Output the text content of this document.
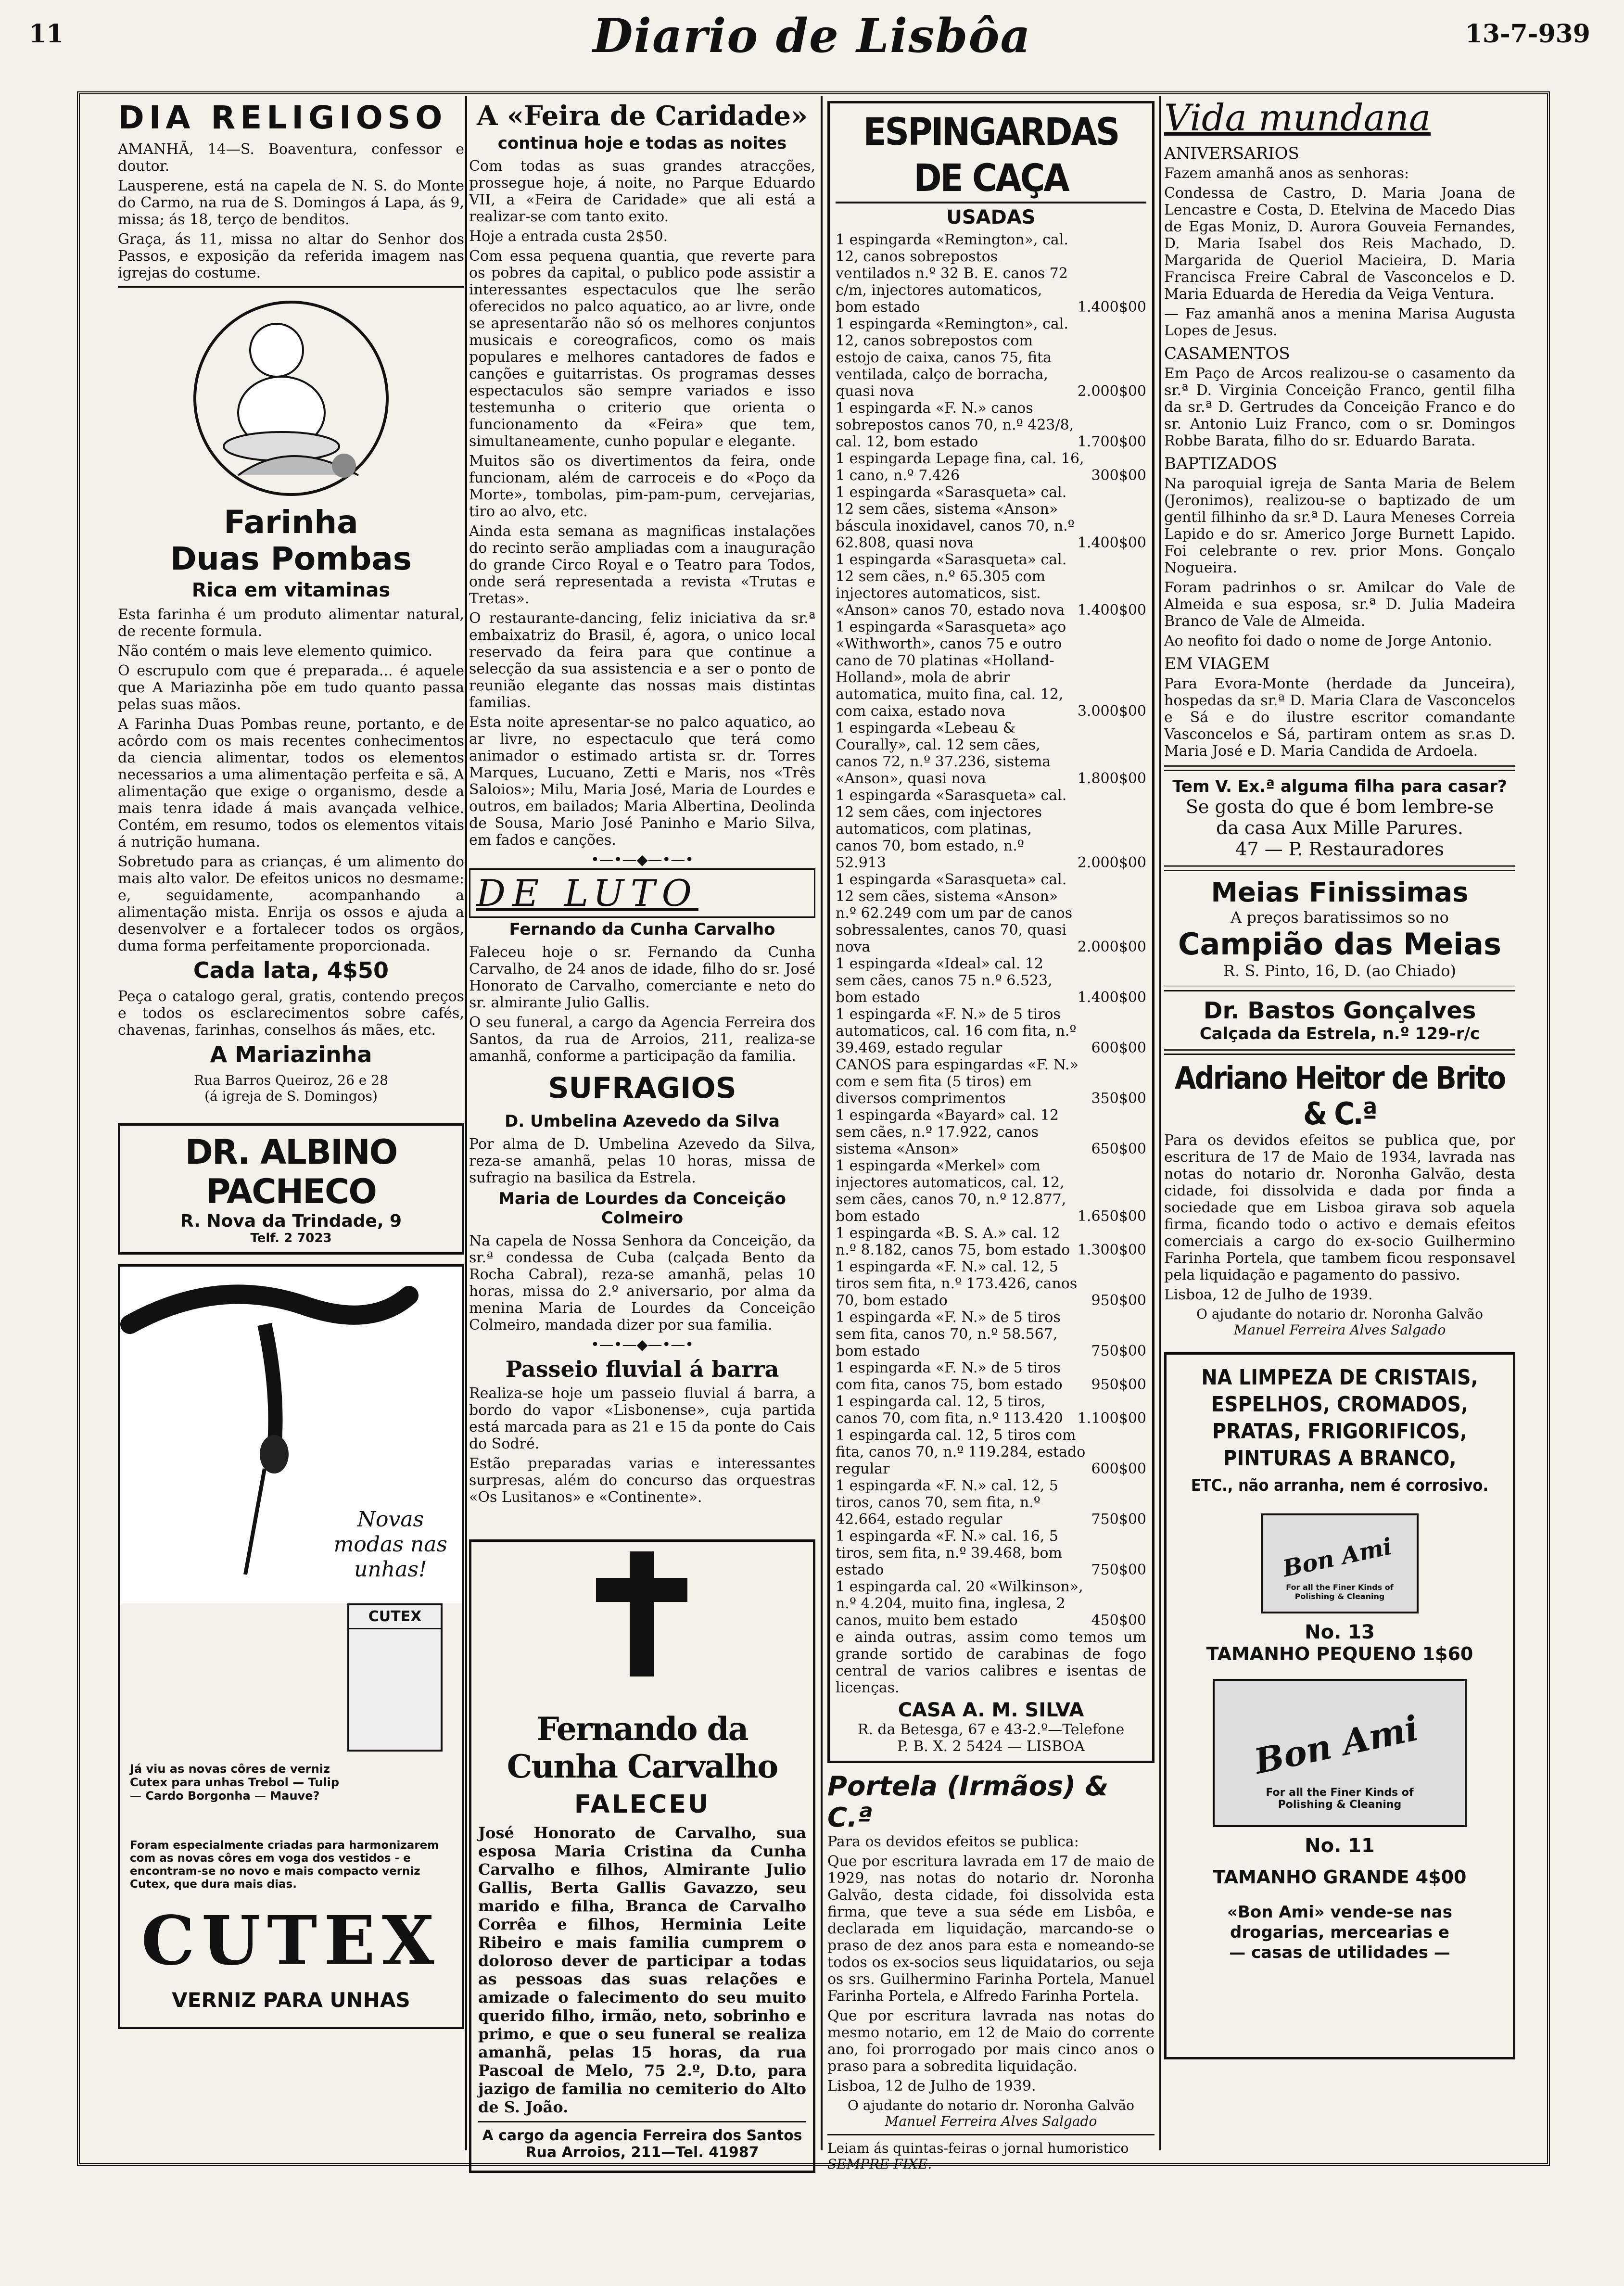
11	Diario de Lisbôa	13-7-939
DIA RELIGIOSO

AMANHÃ, 14—S. Boaventura, confessor e doutor.

Lausperene, está na capela de N. S. do Monte do Carmo, na rua de S. Domingos á Lapa, ás 9, missa; ás 18, terço de benditos.

Graça, ás 11, missa no altar do Senhor dos Passos, e exposição da referida imagem nas igrejas do costume.

Farinha
Duas Pombas
Rica em vitaminas

Esta farinha é um produto alimentar natural, de recente formula.

Não contém o mais leve elemento quimico.

O escrupulo com que é preparada... é aquele que A Mariazinha põe em tudo quanto passa pelas suas mãos.

A Farinha Duas Pombas reune, portanto, e de acôrdo com os mais recentes conhecimentos da ciencia alimentar, todos os elementos necessarios a uma alimentação perfeita e sã. A alimentação que exige o organismo, desde a mais tenra idade á mais avançada velhice. Contém, em resumo, todos os elementos vitais á nutrição humana.

Sobretudo para as crianças, é um alimento do mais alto valor. De efeitos unicos no desmame: e, seguidamente, acompanhando a alimentação mista. Enrija os ossos e ajuda a desenvolver e a fortalecer todos os orgãos, duma forma perfeitamente proporcionada.

Cada lata, 4$50

Peça o catalogo geral, gratis, contendo preços e todos os esclarecimentos sobre cafés, chavenas, farinhas, conselhos ás mães, etc.

A Mariazinha
Rua Barros Queiroz, 26 e 28
(á igreja de S. Domingos)
DR. ALBINO PACHECO
R. Nova da Trindade, 9
Telf. 2 7023
Novas
modas nas
unhas!
CUTEX
Já viu as novas côres de verniz Cutex para unhas Trebol — Tulip — Cardo Borgonha — Mauve?
Foram especialmente criadas para harmonizarem com as novas côres em voga dos vestidos - e encontram-se no novo e mais compacto verniz Cutex, que dura mais dias.
CUTEX
VERNIZ PARA UNHAS
A «Feira de Caridade»
continua hoje e todas as noites

Com todas as suas grandes atracções, prossegue hoje, á noite, no Parque Eduardo VII, a «Feira de Caridade» que ali está a realizar-se com tanto exito.

Hoje a entrada custa 2$50.

Com essa pequena quantia, que reverte para os pobres da capital, o publico pode assistir a interessantes espectaculos que lhe serão oferecidos no palco aquatico, ao ar livre, onde se apresentarão não só os melhores conjuntos musicais e coreograficos, como os mais populares e melhores cantadores de fados e canções e guitarristas. Os programas desses espectaculos são sempre variados e isso testemunha o criterio que orienta o funcionamento da «Feira» que tem, simultaneamente, cunho popular e elegante.

Muitos são os divertimentos da feira, onde funcionam, além de carroceis e do «Poço da Morte», tombolas, pim-pam-pum, cervejarias, tiro ao alvo, etc.

Ainda esta semana as magnificas instalações do recinto serão ampliadas com a inauguração do grande Circo Royal e o Teatro para Todos, onde será representada a revista «Trutas e Tretas».

O restaurante-dancing, feliz iniciativa da sr.ª embaixatriz do Brasil, é, agora, o unico local reservado da feira para que continue a selecção da sua assistencia e a ser o ponto de reunião elegante das nossas mais distintas familias.

Esta noite apresentar-se no palco aquatico, ao ar livre, no espectaculo que terá como animador o estimado artista sr. dr. Torres Marques, Lucuano, Zetti e Maris, nos «Três Saloios»; Milu, Maria José, Maria de Lourdes e outros, em bailados; Maria Albertina, Deolinda de Sousa, Mario José Paninho e Mario Silva, em fados e canções.

•—•—◆—•—•
DE LUTO
Fernando da Cunha Carvalho

Faleceu hoje o sr. Fernando da Cunha Carvalho, de 24 anos de idade, filho do sr. José Honorato de Carvalho, comerciante e neto do sr. almirante Julio Gallis.

O seu funeral, a cargo da Agencia Ferreira dos Santos, da rua de Arroios, 211, realiza-se amanhã, conforme a participação da familia.

SUFRAGIOS
D. Umbelina Azevedo da Silva

Por alma de D. Umbelina Azevedo da Silva, reza-se amanhã, pelas 10 horas, missa de sufragio na basilica da Estrela.

Maria de Lourdes da Conceição Colmeiro

Na capela de Nossa Senhora da Conceição, da sr.ª condessa de Cuba (calçada Bento da Rocha Cabral), reza-se amanhã, pelas 10 horas, missa do 2.º aniversario, por alma da menina Maria de Lourdes da Conceição Colmeiro, mandada dizer por sua familia.

•—•—◆—•—•
Passeio fluvial á barra

Realiza-se hoje um passeio fluvial á barra, a bordo do vapor «Lisbonense», cuja partida está marcada para as 21 e 15 da ponte do Cais do Sodré.

Estão preparadas varias e interessantes surpresas, além do concurso das orquestras «Os Lusitanos» e «Continente».

Fernando da Cunha Carvalho
FALECEU

José Honorato de Carvalho, sua esposa Maria Cristina da Cunha Carvalho e filhos, Almirante Julio Gallis, Berta Gallis Gavazzo, seu marido e filha, Branca de Carvalho Corrêa e filhos, Herminia Leite Ribeiro e mais familia cumprem o doloroso dever de participar a todas as pessoas das suas relações e amizade o falecimento do seu muito querido filho, irmão, neto, sobrinho e primo, e que o seu funeral se realiza amanhã, pelas 15 horas, da rua Pascoal de Melo, 75 2.º, D.to, para jazigo de familia no cemiterio do Alto de S. João.

A cargo da agencia Ferreira dos Santos
Rua Arroios, 211—Tel. 41987
ESPINGARDAS DE CAÇA
USADAS
1 espingarda «Remington», cal. 12, canos sobrepostos ventilados n.º 32 B. E. canos 72 c/m, injectores automaticos, bom estado	1.400$00
1 espingarda «Remington», cal. 12, canos sobrepostos com estojo de caixa, canos 75, fita ventilada, calço de borracha, quasi nova	2.000$00
1 espingarda «F. N.» canos sobrepostos canos 70, n.º 423/8, cal. 12, bom estado	1.700$00
1 espingarda Lepage fina, cal. 16, 1 cano, n.º 7.426	300$00
1 espingarda «Sarasqueta» cal. 12 sem cães, sistema «Anson» báscula inoxidavel, canos 70, n.º 62.808, quasi nova	1.400$00
1 espingarda «Sarasqueta» cal. 12 sem cães, n.º 65.305 com injectores automaticos, sist. «Anson» canos 70, estado nova 1.400$00
1 espingarda «Sarasqueta» aço «Withworth», canos 75 e outro cano de 70 platinas «Holland-Holland», mola de abrir automatica, muito fina, cal. 12, com caixa, estado nova	3.000$00
1 espingarda «Lebeau & Courally», cal. 12 sem cães, canos 72, n.º 37.236, sistema «Anson», quasi nova	1.800$00
1 espingarda «Sarasqueta» cal. 12 sem cães, com injectores automaticos, com platinas, canos 70, bom estado, n.º 52.913	2.000$00
1 espingarda «Sarasqueta» cal. 12 sem cães, sistema «Anson» n.º 62.249 com um par de canos sobressalentes, canos 70, quasi nova	2.000$00
1 espingarda «Ideal» cal. 12 sem cães, canos 75 n.º 6.523, bom estado	1.400$00
1 espingarda «F. N.» de 5 tiros automaticos, cal. 16 com fita, n.º 39.469, estado regular	600$00
CANOS para espingardas «F. N.» com e sem fita (5 tiros) em diversos comprimentos	350$00
1 espingarda «Bayard» cal. 12 sem cães, n.º 17.922, canos sistema «Anson»	650$00
1 espingarda «Merkel» com injectores automaticos, cal. 12, sem cães, canos 70, n.º 12.877, bom estado	1.650$00
1 espingarda «B. S. A.» cal. 12 n.º 8.182, canos 75, bom estado 1.300$00
1 espingarda «F. N.» cal. 12, 5 tiros sem fita, n.º 173.426, canos 70, bom estado	950$00
1 espingarda «F. N.» de 5 tiros sem fita, canos 70, n.º 58.567, bom estado	750$00
1 espingarda «F. N.» de 5 tiros com fita, canos 75, bom estado	950$00
1 espingarda cal. 12, 5 tiros, canos 70, com fita, n.º 113.420	1.100$00
1 espingarda cal. 12, 5 tiros com fita, canos 70, n.º 119.284, estado regular	600$00
1 espingarda «F. N.» cal. 12, 5 tiros, canos 70, sem fita, n.º 42.664, estado regular	750$00
1 espingarda «F. N.» cal. 16, 5 tiros, sem fita, n.º 39.468, bom estado	750$00
1 espingarda cal. 20 «Wilkinson», n.º 4.204, muito fina, inglesa, 2 canos, muito bem estado	450$00

e ainda outras, assim como temos um grande sortido de carabinas de fogo central de varios calibres e isentas de licenças.

CASA A. M. SILVA
R. da Betesga, 67 e 43-2.º—Telefone
P. B. X. 2 5424 — LISBOA
Portela (Irmãos) & C.ª

Para os devidos efeitos se publica:

Que por escritura lavrada em 17 de maio de 1929, nas notas do notario dr. Noronha Galvão, desta cidade, foi dissolvida esta firma, que teve a sua séde em Lisbôa, e declarada em liquidação, marcando-se o praso de dez anos para esta e nomeando-se todos os ex-socios seus liquidatarios, ou seja os srs. Guilhermino Farinha Portela, Manuel Farinha Portela, e Alfredo Farinha Portela.

Que por escritura lavrada nas notas do mesmo notario, em 12 de Maio do corrente ano, foi prorrogado por mais cinco anos o praso para a sobredita liquidação.

Lisboa, 12 de Julho de 1939.

O ajudante do notario dr. Noronha Galvão
Manuel Ferreira Alves Salgado
Leiam ás quintas-feiras o jornal humoristico
SEMPRE FIXE.
Vida mundana
ANIVERSARIOS

Fazem amanhã anos as senhoras:

Condessa de Castro, D. Maria Joana de Lencastre e Costa, D. Etelvina de Macedo Dias de Egas Moniz, D. Aurora Gouveia Fernandes, D. Maria Isabel dos Reis Machado, D. Margarida de Queriol Macieira, D. Maria Francisca Freire Cabral de Vasconcelos e D. Maria Eduarda de Heredia da Veiga Ventura.

— Faz amanhã anos a menina Marisa Augusta Lopes de Jesus.

CASAMENTOS

Em Paço de Arcos realizou-se o casamento da sr.ª D. Virginia Conceição Franco, gentil filha da sr.ª D. Gertrudes da Conceição Franco e do sr. Antonio Luiz Franco, com o sr. Domingos Robbe Barata, filho do sr. Eduardo Barata.

BAPTIZADOS

Na paroquial igreja de Santa Maria de Belem (Jeronimos), realizou-se o baptizado de um gentil filhinho da sr.ª D. Laura Meneses Correia Lapido e do sr. Americo Jorge Burnett Lapido. Foi celebrante o rev. prior Mons. Gonçalo Nogueira.

Foram padrinhos o sr. Amilcar do Vale de Almeida e sua esposa, sr.ª D. Julia Madeira Branco de Vale de Almeida.

Ao neofito foi dado o nome de Jorge Antonio.

EM VIAGEM

Para Evora-Monte (herdade da Junceira), hospedas da sr.ª D. Maria Clara de Vasconcelos e Sá e do ilustre escritor comandante Vasconcelos e Sá, partiram ontem as sr.as D. Maria José e D. Maria Candida de Ardoela.

Tem V. Ex.ª alguma filha para casar?
Se gosta do que é bom lembre-se
da casa Aux Mille Parures.
47 — P. Restauradores
Meias Finissimas
A preços baratissimos so no
Campião das Meias
R. S. Pinto, 16, D. (ao Chiado)
Dr. Bastos Gonçalves
Calçada da Estrela, n.º 129-r/c
Adriano Heitor de Brito & C.ª

Para os devidos efeitos se publica que, por escritura de 17 de Maio de 1934, lavrada nas notas do notario dr. Noronha Galvão, desta cidade, foi dissolvida e dada por finda a sociedade que em Lisboa girava sob aquela firma, ficando todo o activo e demais efeitos comerciais a cargo do ex-socio Guilhermino Farinha Portela, que tambem ficou responsavel pela liquidação e pagamento do passivo.

Lisboa, 12 de Julho de 1939.

O ajudante do notario dr. Noronha Galvão
Manuel Ferreira Alves Salgado
NA LIMPEZA DE CRISTAIS,
ESPELHOS, CROMADOS,
PRATAS, FRIGORIFICOS,
PINTURAS A BRANCO,
ETC., não arranha, nem é corrosivo.
Bon Ami
For all the Finer Kinds of Polishing & Cleaning
No. 13
TAMANHO PEQUENO 1$60
Bon Ami
For all the Finer Kinds of Polishing & Cleaning
No. 11
TAMANHO GRANDE 4$00
«Bon Ami» vende-se nas
drogarias, mercearias e
— casas de utilidades —
